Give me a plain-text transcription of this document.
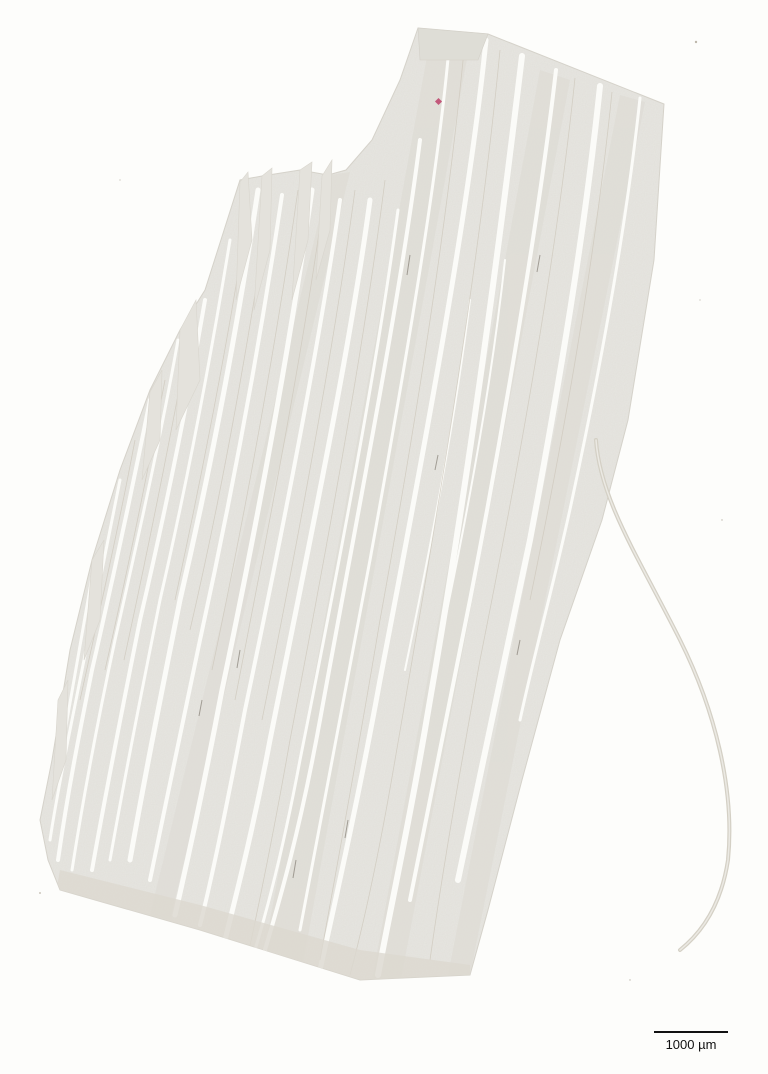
1000 µm
